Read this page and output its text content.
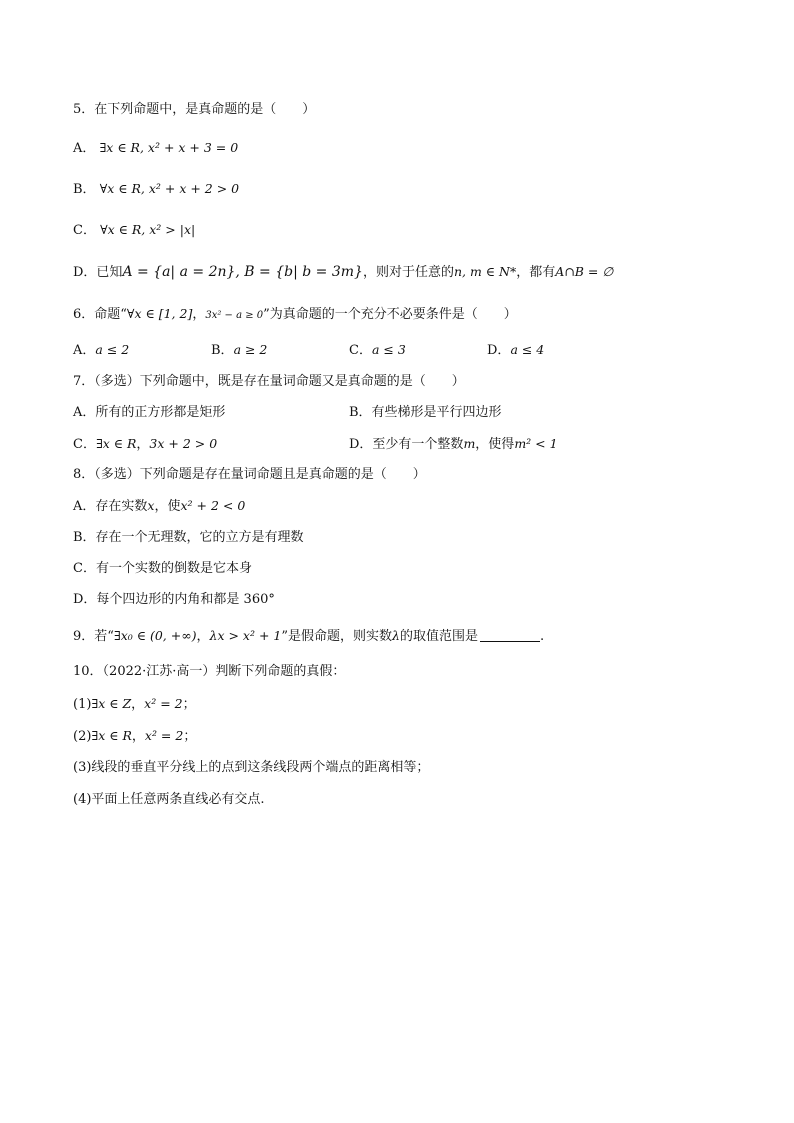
5．在下列命题中，是真命题的是（　　）
A． ∃x ∈ R, x² + x + 3 = 0
B． ∀x ∈ R, x² + x + 2 > 0
C． ∀x ∈ R, x² > |x|
D．已知A = {a| a = 2n}, B = {b| b = 3m}，则对于任意的n, m ∈ N*，都有A∩B = ∅
6．命题“∀x ∈ [1, 2]，3x² − a ≥ 0”为真命题的一个充分不必要条件是（　　）
A．a ≤ 2	B．a ≥ 2	C．a ≤ 3	D．a ≤ 4
7．（多选）下列命题中，既是存在量词命题又是真命题的是（　　）
A．所有的正方形都是矩形	B．有些梯形是平行四边形
C．∃x ∈ R，3x + 2 > 0	D．至少有一个整数m，使得m² < 1
8．（多选）下列命题是存在量词命题且是真命题的是（　　）
A．存在实数x，使x² + 2 < 0
B．存在一个无理数，它的立方是有理数
C．有一个实数的倒数是它本身
D．每个四边形的内角和都是 360°
9．若“∃x₀ ∈ (0, +∞)，λx > x² + 1”是假命题，则实数λ的取值范围是	.
10．（2022·江苏·高一）判断下列命题的真假：
(1)∃x ∈ Z，x² = 2；
(2)∃x ∈ R，x² = 2；
(3)线段的垂直平分线上的点到这条线段两个端点的距离相等；
(4)平面上任意两条直线必有交点.
